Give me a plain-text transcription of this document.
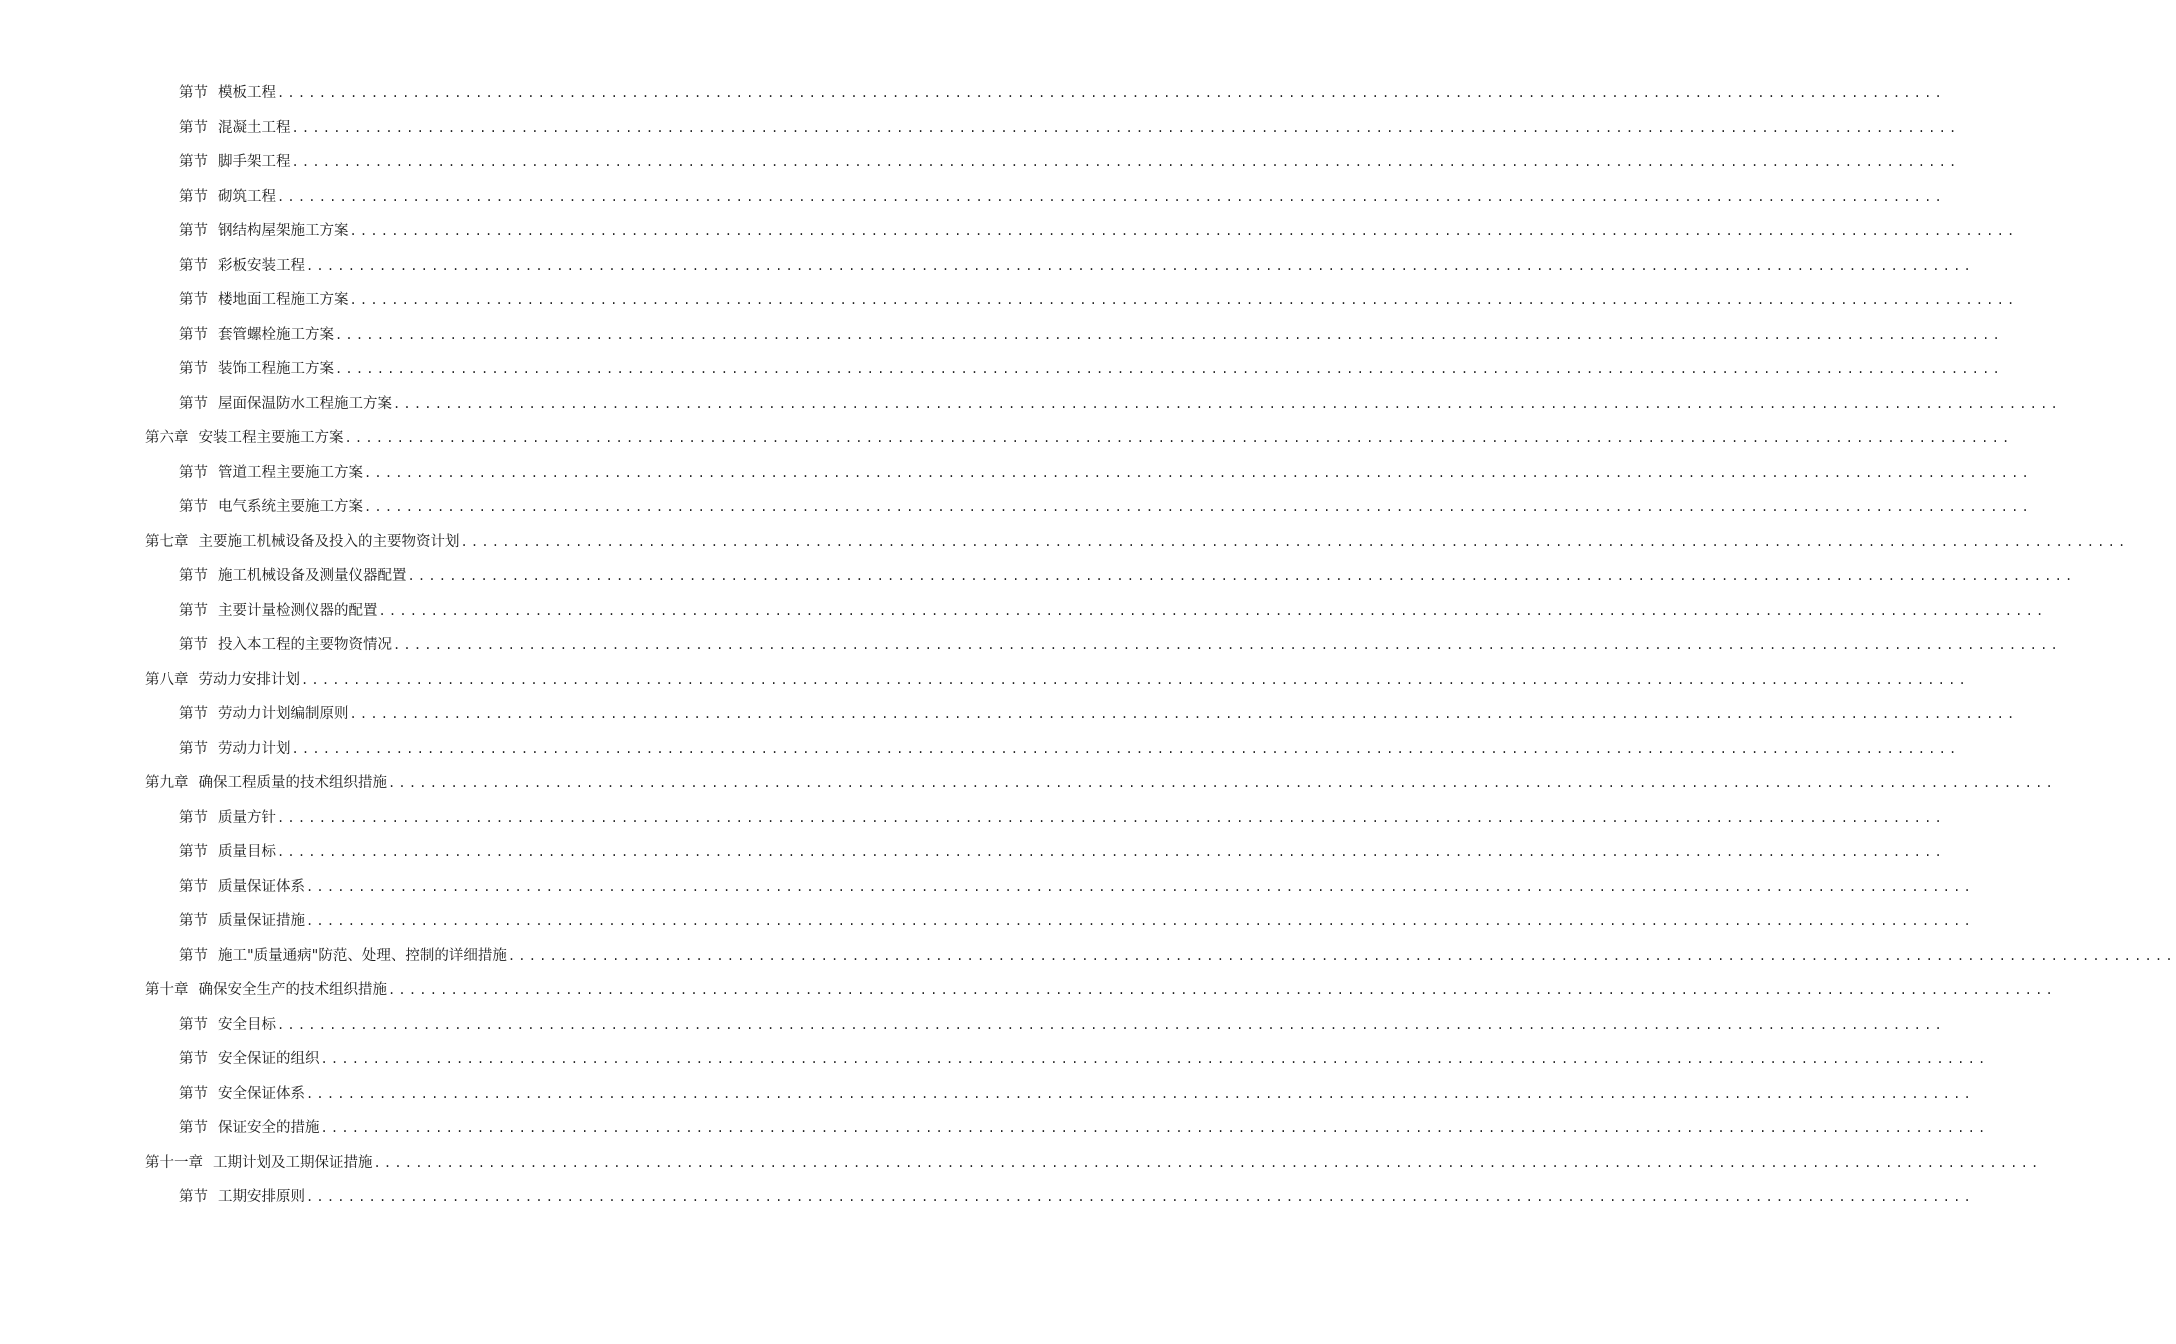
第节 模板工程 ................................................................................................................................................................
第节 混凝土工程 ................................................................................................................................................................
第节 脚手架工程 ................................................................................................................................................................
第节 砌筑工程 ................................................................................................................................................................
第节 钢结构屋架施工方案 ................................................................................................................................................................
第节 彩板安装工程 ................................................................................................................................................................
第节 楼地面工程施工方案 ................................................................................................................................................................
第节 套管螺栓施工方案 ................................................................................................................................................................
第节 装饰工程施工方案 ................................................................................................................................................................
第节 屋面保温防水工程施工方案 ................................................................................................................................................................
第六章 安装工程主要施工方案 ................................................................................................................................................................
第节 管道工程主要施工方案 ................................................................................................................................................................
第节 电气系统主要施工方案 ................................................................................................................................................................
第七章 主要施工机械设备及投入的主要物资计划 ................................................................................................................................................................
第节 施工机械设备及测量仪器配置 ................................................................................................................................................................
第节 主要计量检测仪器的配置 ................................................................................................................................................................
第节 投入本工程的主要物资情况 ................................................................................................................................................................
第八章 劳动力安排计划 ................................................................................................................................................................
第节 劳动力计划编制原则 ................................................................................................................................................................
第节 劳动力计划 ................................................................................................................................................................
第九章 确保工程质量的技术组织措施 ................................................................................................................................................................
第节 质量方针 ................................................................................................................................................................
第节 质量目标 ................................................................................................................................................................
第节 质量保证体系 ................................................................................................................................................................
第节 质量保证措施 ................................................................................................................................................................
第节 施工"质量通病"防范、处理、控制的详细措施 ................................................................................................................................................................
第十章 确保安全生产的技术组织措施 ................................................................................................................................................................
第节 安全目标 ................................................................................................................................................................
第节 安全保证的组织 ................................................................................................................................................................
第节 安全保证体系 ................................................................................................................................................................
第节 保证安全的措施 ................................................................................................................................................................
第十一章 工期计划及工期保证措施 ................................................................................................................................................................
第节 工期安排原则 ................................................................................................................................................................
